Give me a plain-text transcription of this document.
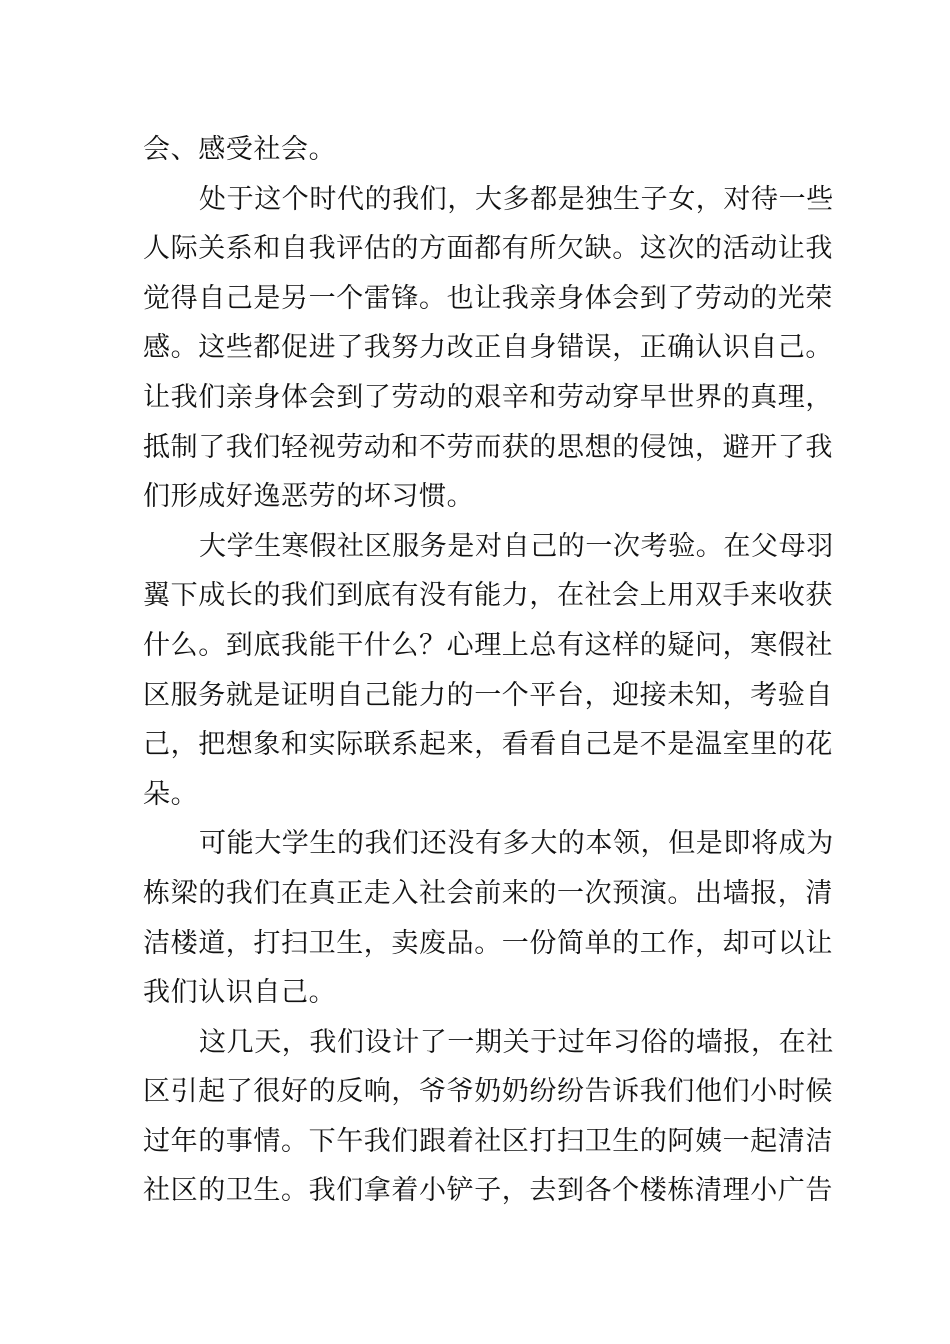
会、感受社会。
处于这个时代的我们，大多都是独生子女，对待一些
人际关系和自我评估的方面都有所欠缺。这次的活动让我
觉得自己是另一个雷锋。也让我亲身体会到了劳动的光荣
感。这些都促进了我努力改正自身错误，正确认识自己。
让我们亲身体会到了劳动的艰辛和劳动穿早世界的真理，
抵制了我们轻视劳动和不劳而获的思想的侵蚀，避开了我
们形成好逸恶劳的坏习惯。
大学生寒假社区服务是对自己的一次考验。在父母羽
翼下成长的我们到底有没有能力，在社会上用双手来收获
什么。到底我能干什么？心理上总有这样的疑问，寒假社
区服务就是证明自己能力的一个平台，迎接未知，考验自
己，把想象和实际联系起来，看看自己是不是温室里的花
朵。
可能大学生的我们还没有多大的本领，但是即将成为
栋梁的我们在真正走入社会前来的一次预演。出墙报，清
洁楼道，打扫卫生，卖废品。一份简单的工作，却可以让
我们认识自己。
这几天，我们设计了一期关于过年习俗的墙报，在社
区引起了很好的反响，爷爷奶奶纷纷告诉我们他们小时候
过年的事情。下午我们跟着社区打扫卫生的阿姨一起清洁
社区的卫生。我们拿着小铲子，去到各个楼栋清理小广告
